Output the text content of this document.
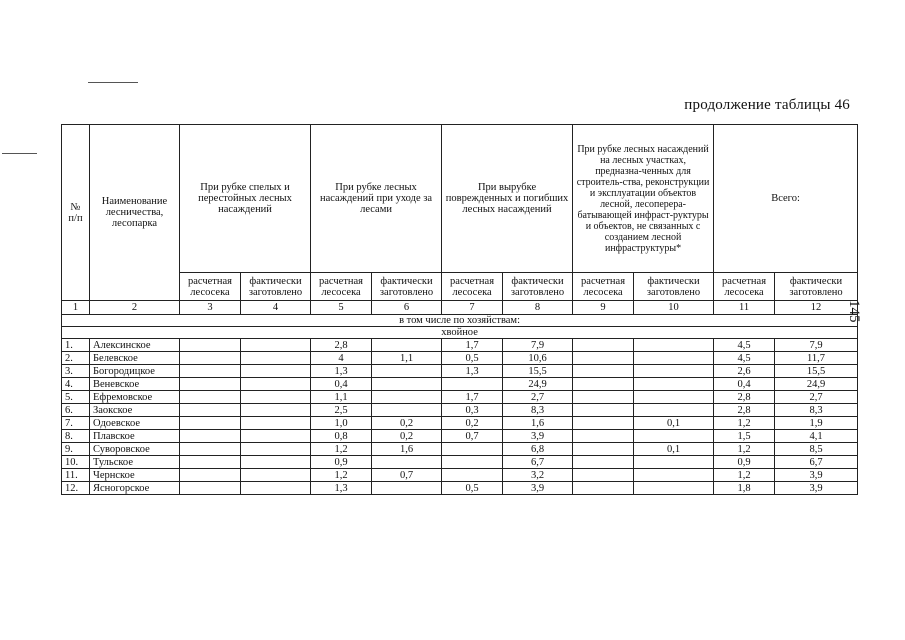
продолжение таблицы 46
145
№ п/п	Наименование лесничества, лесопарка	При рубке спелых и перестойных лесных насаждений		При рубке лесных насаждений при уходе за лесами		При вырубке поврежденных и погибших лесных насаждений		При рубке лесных насаждений на лесных участках, предназна-ченных для строитель-ства, реконструкции и эксплуатации объектов лесной, лесоперера-батывающей инфраст-руктуры и объектов, не связанных с созданием лесной инфраструктуры*		Всего:	
		расчетная лесосека	фактически заготовлено	расчетная лесосека	фактически заготовлено	расчетная лесосека	фактически заготовлено	расчетная лесосека	фактически заготовлено	расчетная лесосека	фактически заготовлено
1	2	3	4	5	6	7	8	9	10	11	12
в том числе по хозяйствам:											
хвойное											
1.	Алексинское			2,8		1,7	7,9			4,5	7,9
2.	Белевское			4	1,1	0,5	10,6			4,5	11,7
3.	Богородицкое			1,3		1,3	15,5			2,6	15,5
4.	Веневское			0,4			24,9			0,4	24,9
5.	Ефремовское			1,1		1,7	2,7			2,8	2,7
6.	Заокское			2,5		0,3	8,3			2,8	8,3
7.	Одоевское			1,0	0,2	0,2	1,6		0,1	1,2	1,9
8.	Плавское			0,8	0,2	0,7	3,9			1,5	4,1
9.	Суворовское			1,2	1,6		6,8		0,1	1,2	8,5
10.	Тульское			0,9			6,7			0,9	6,7
11.	Чернское			1,2	0,7		3,2			1,2	3,9
12.	Ясногорское			1,3		0,5	3,9			1,8	3,9
